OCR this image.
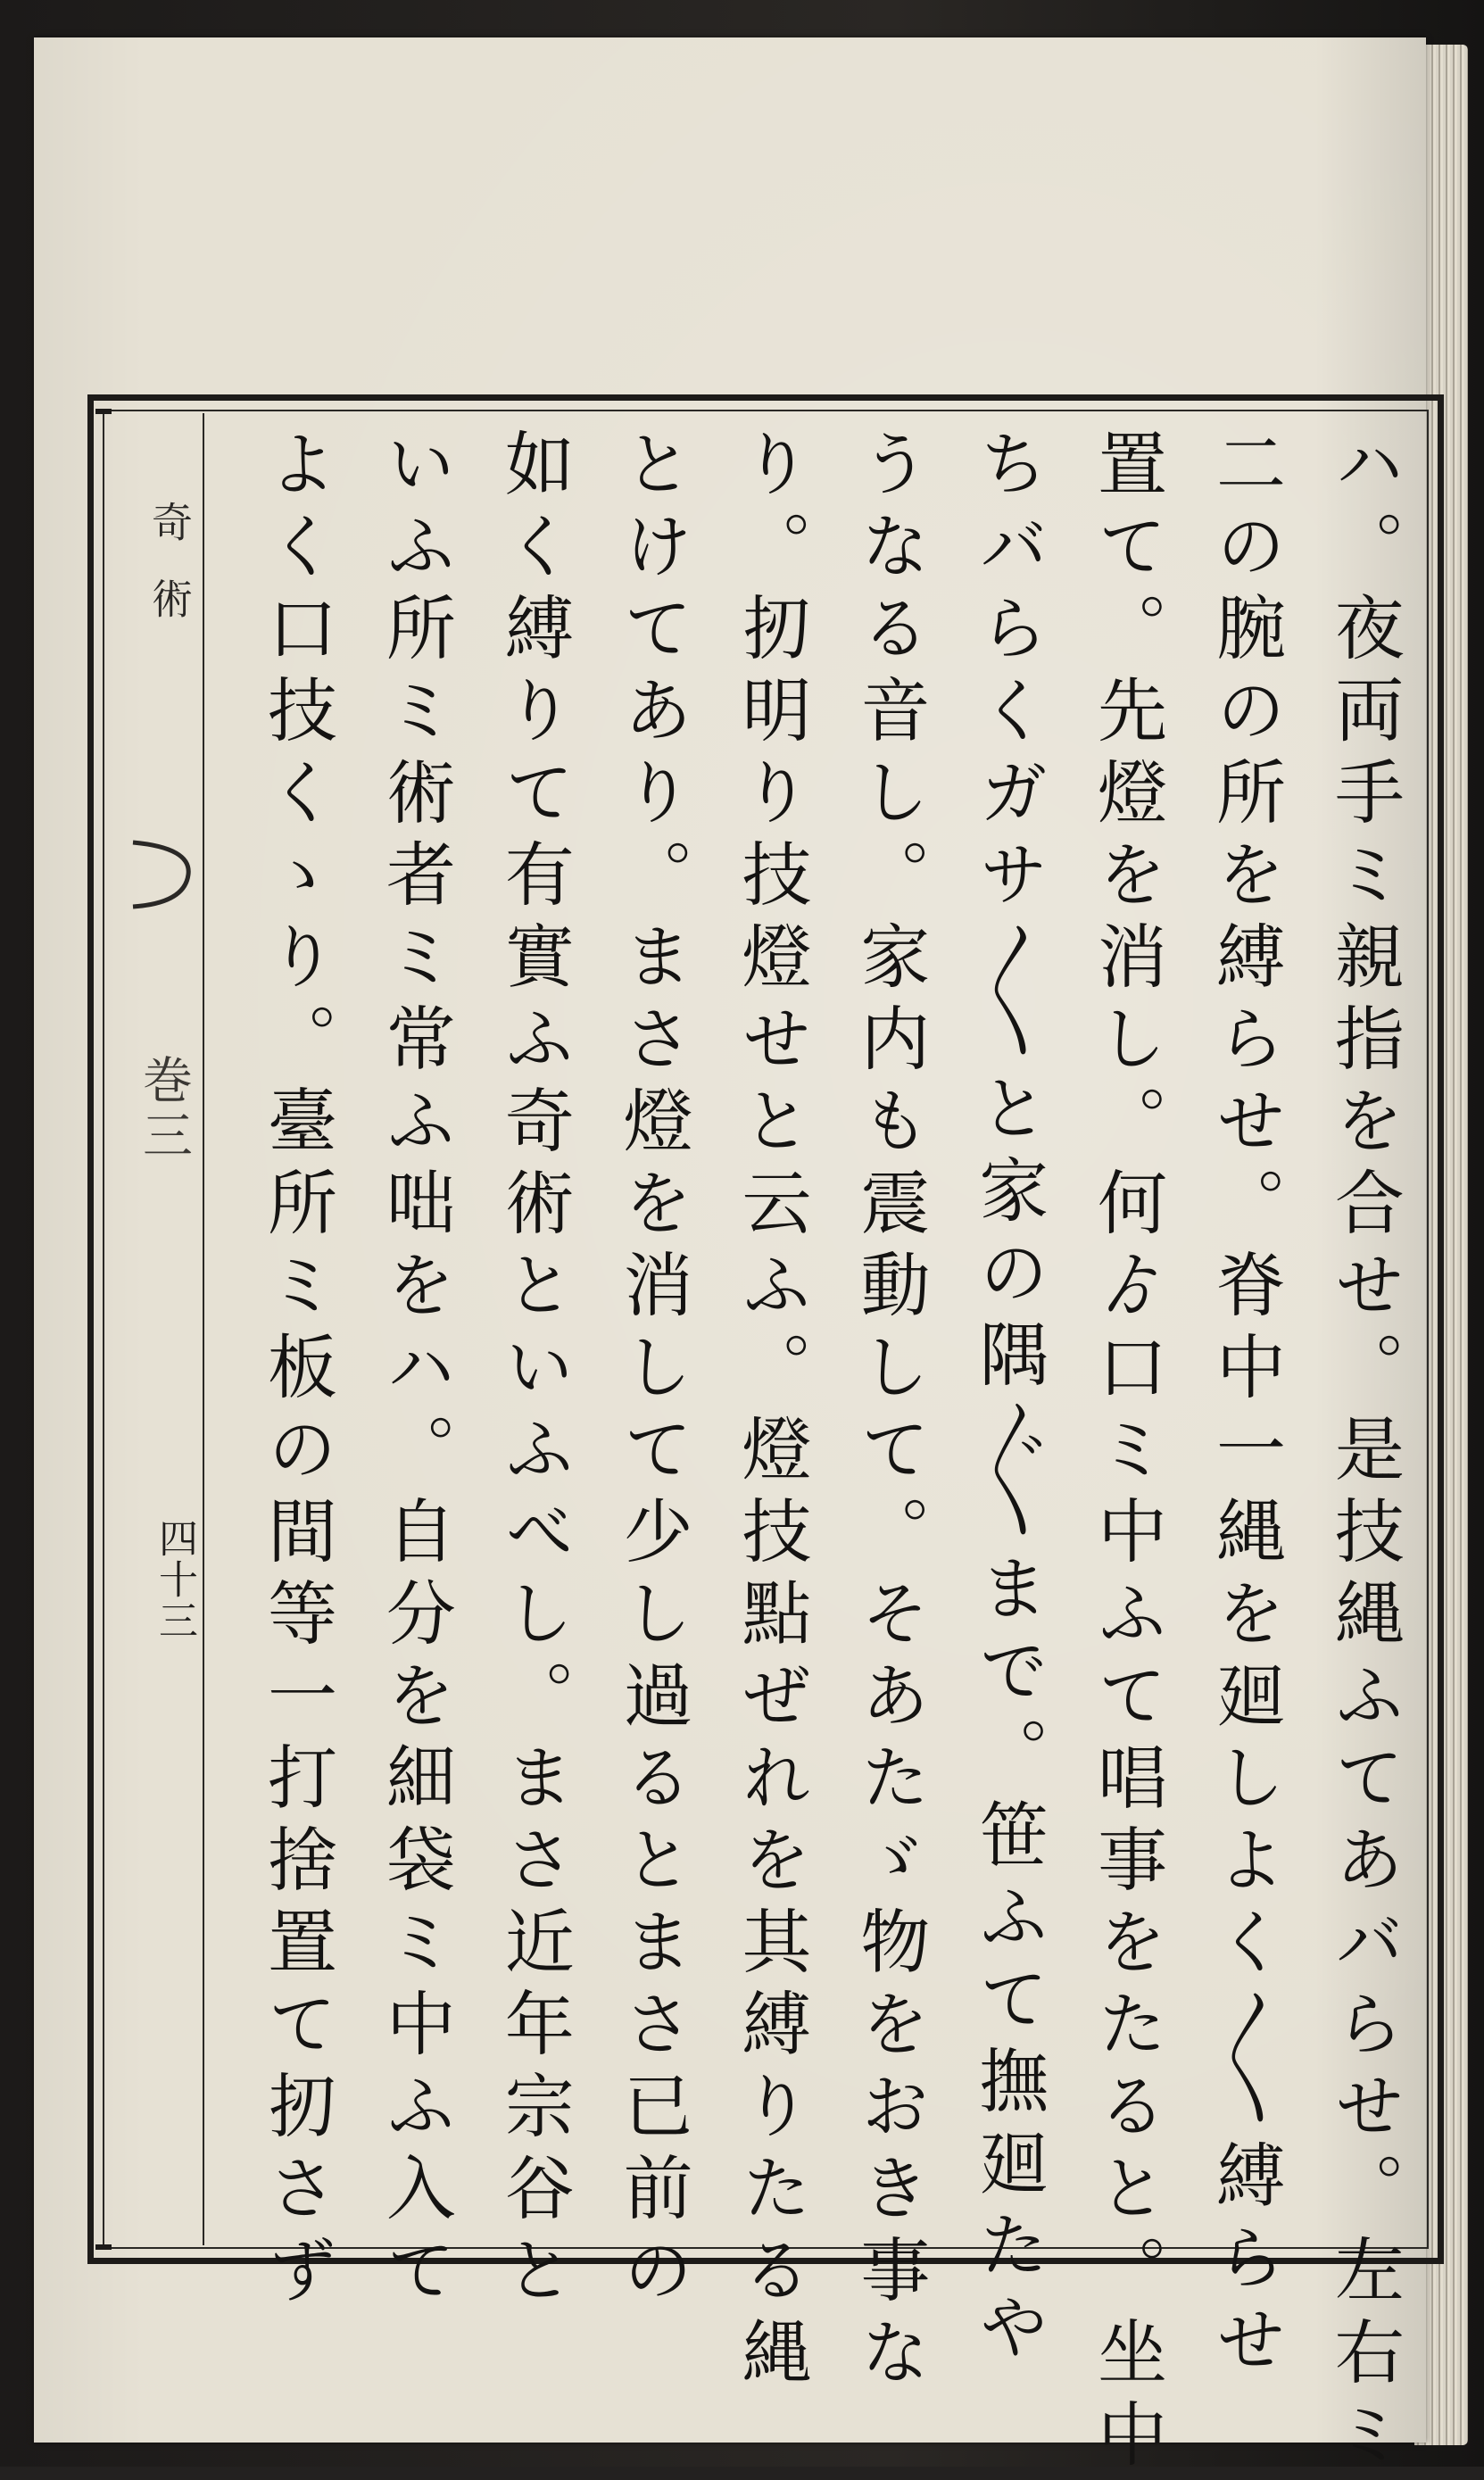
奇術
巻三
四十三	ハ。夜両手ミ親指を合せ。是技縄ふてあバらせ。左右ミ
二の腕の所を縛らせ。脊中一縄を廻しよく〳〵縛らせ
置て。先燈を消し。何ゟ口ミ中ふて唱事をたると。坐中
ちバらくガサ〳〵と家の隅〴〵まで。笹ふて撫廻たや
うなる音し。家内も震動して。そあたゞ物をおき事な
り。扨明り技燈せと云ふ。燈技點ぜれを其縛りたる縄
とけてあり。まさ燈を消して少し過るとまさ已前の
如く縛りて有實ふ奇術といふべし。まさ近年宗谷と
いふ所ミ術者ミ常ふ咄をハ。自分を細袋ミ中ふ入て
よく口技くゝり。臺所ミ板の間等一打捨置て扨さず
